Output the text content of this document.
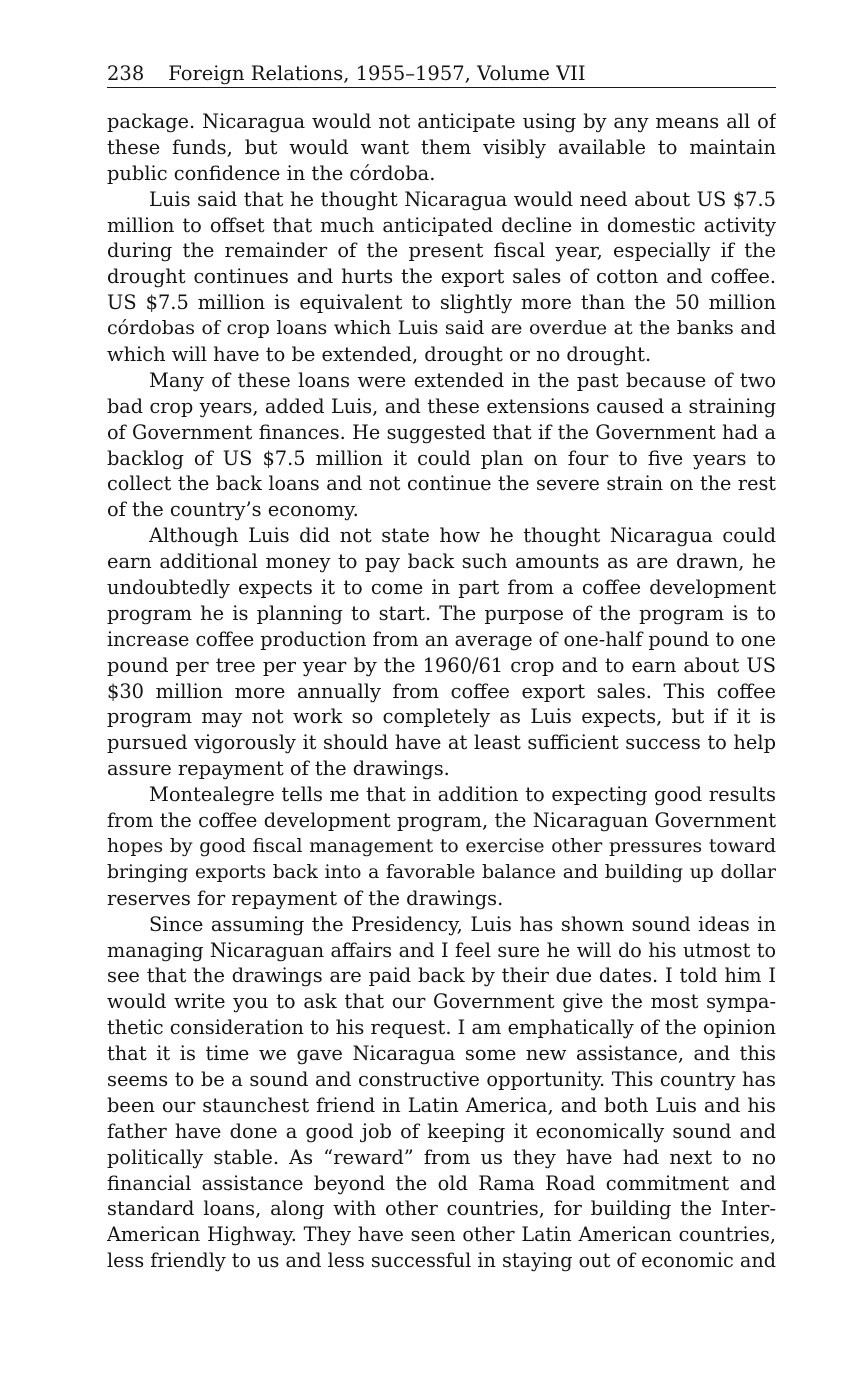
238 Foreign Relations, 1955–1957, Volume VII
package. Nicaragua would not anticipate using by any means all of
these funds, but would want them visibly available to maintain
public confidence in the córdoba.
Luis said that he thought Nicaragua would need about US $7.5
million to offset that much anticipated decline in domestic activity
during the remainder of the present fiscal year, especially if the
drought continues and hurts the export sales of cotton and coffee.
US $7.5 million is equivalent to slightly more than the 50 million
córdobas of crop loans which Luis said are overdue at the banks and
which will have to be extended, drought or no drought.
Many of these loans were extended in the past because of two
bad crop years, added Luis, and these extensions caused a straining
of Government finances. He suggested that if the Government had a
backlog of US $7.5 million it could plan on four to five years to
collect the back loans and not continue the severe strain on the rest
of the country’s economy.
Although Luis did not state how he thought Nicaragua could
earn additional money to pay back such amounts as are drawn, he
undoubtedly expects it to come in part from a coffee development
program he is planning to start. The purpose of the program is to
increase coffee production from an average of one-half pound to one
pound per tree per year by the 1960/61 crop and to earn about US
$30 million more annually from coffee export sales. This coffee
program may not work so completely as Luis expects, but if it is
pursued vigorously it should have at least sufficient success to help
assure repayment of the drawings.
Montealegre tells me that in addition to expecting good results
from the coffee development program, the Nicaraguan Government
hopes by good fiscal management to exercise other pressures toward
bringing exports back into a favorable balance and building up dollar
reserves for repayment of the drawings.
Since assuming the Presidency, Luis has shown sound ideas in
managing Nicaraguan affairs and I feel sure he will do his utmost to
see that the drawings are paid back by their due dates. I told him I
would write you to ask that our Government give the most sympa-
thetic consideration to his request. I am emphatically of the opinion
that it is time we gave Nicaragua some new assistance, and this
seems to be a sound and constructive opportunity. This country has
been our staunchest friend in Latin America, and both Luis and his
father have done a good job of keeping it economically sound and
politically stable. As “reward” from us they have had next to no
financial assistance beyond the old Rama Road commitment and
standard loans, along with other countries, for building the Inter-
American Highway. They have seen other Latin American countries,
less friendly to us and less successful in staying out of economic and
